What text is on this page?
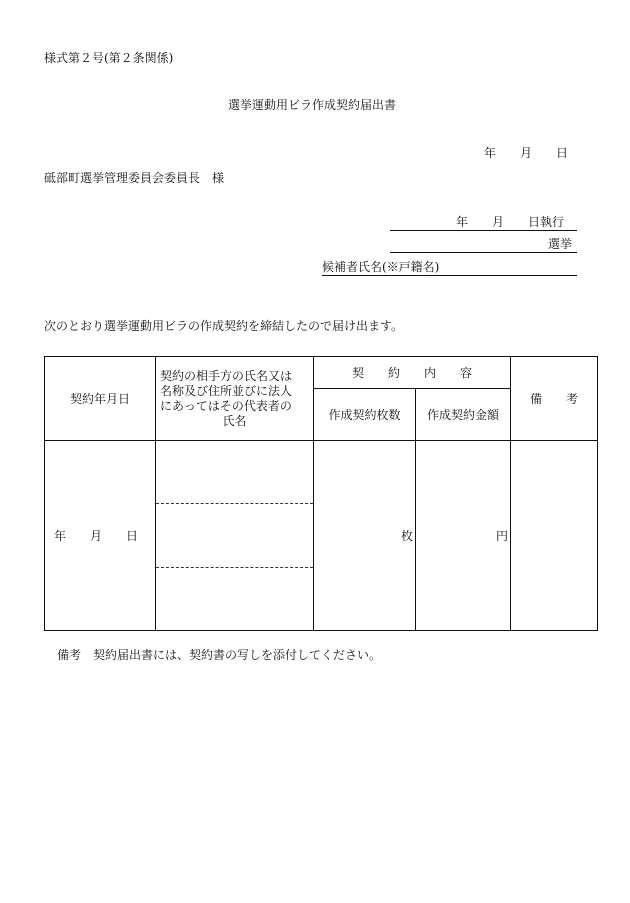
様式第２号(第２条関係)
選挙運動用ビラ作成契約届出書
年　　月　　日
砥部町選挙管理委員会委員長　様
年　　月　　日執行
選挙
候補者氏名(※戸籍名)
次のとおり選挙運動用ビラの作成契約を締結したので届け出ます。
契約年月日	契約の相手方の氏名又は
名称及び住所並びに法人
にあってはその代表者の
氏名	契　　約　　内　　容		備　　考
		作成契約枚数	作成契約金額	
年　　月　　日		枚	円	
備考　契約届出書には、契約書の写しを添付してください。
